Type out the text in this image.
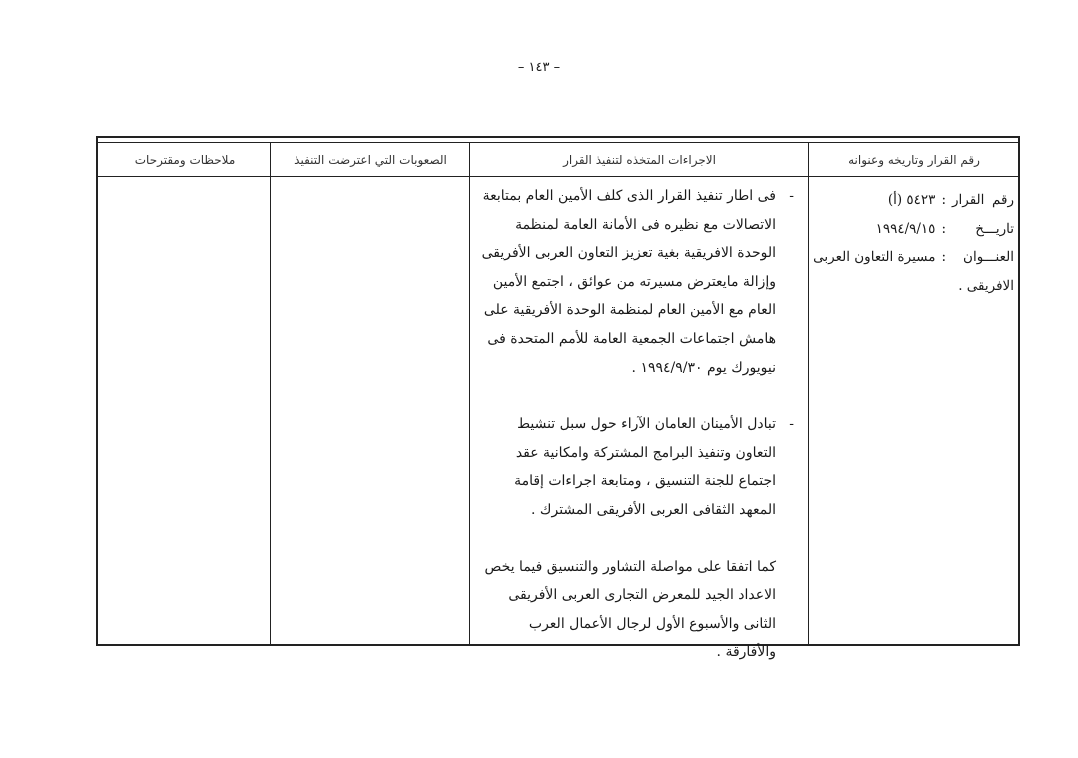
– ١٤٣ –
رقم القرار وتاريخه وعنوانه
الاجراءات المتخذه لتنفيذ القرار
الصعوبات التي اعترضت التنفيذ
ملاحظات ومقترحات
رقم القرار
:
٥٤٢٣ (أ)
تاريـــخ
:
١٩٩٤/٩/١٥
العنـــوان
:
مسيرة التعاون العربى
الافريقى .

-
فى اطار تنفيذ القرار الذى كلف الأمين العام بمتابعة الاتصالات مع نظيره فى الأمانة العامة لمنظمة الوحدة الافريقية بغية تعزيز التعاون العربى الأفريقى وإزالة مايعترض مسيرته من عوائق ، اجتمع الأمين العام مع الأمين العام لمنظمة الوحدة الأفريقية على هامش اجتماعات الجمعية العامة للأمم المتحدة فى نيويورك يوم ١٩٩٤/٩/٣٠ .

-
تبادل الأمينان العامان الآراء حول سبل تنشيط التعاون وتنفيذ البرامج المشتركة وامكانية عقد اجتماع للجنة التنسيق ، ومتابعة اجراءات إقامة المعهد الثقافى العربى الأفريقى المشترك .

كما اتفقا على مواصلة التشاور والتنسيق فيما يخص الاعداد الجيد للمعرض التجارى العربى الأفريقى الثانى والأسبوع الأول لرجال الأعمال العرب والأفارقة .
